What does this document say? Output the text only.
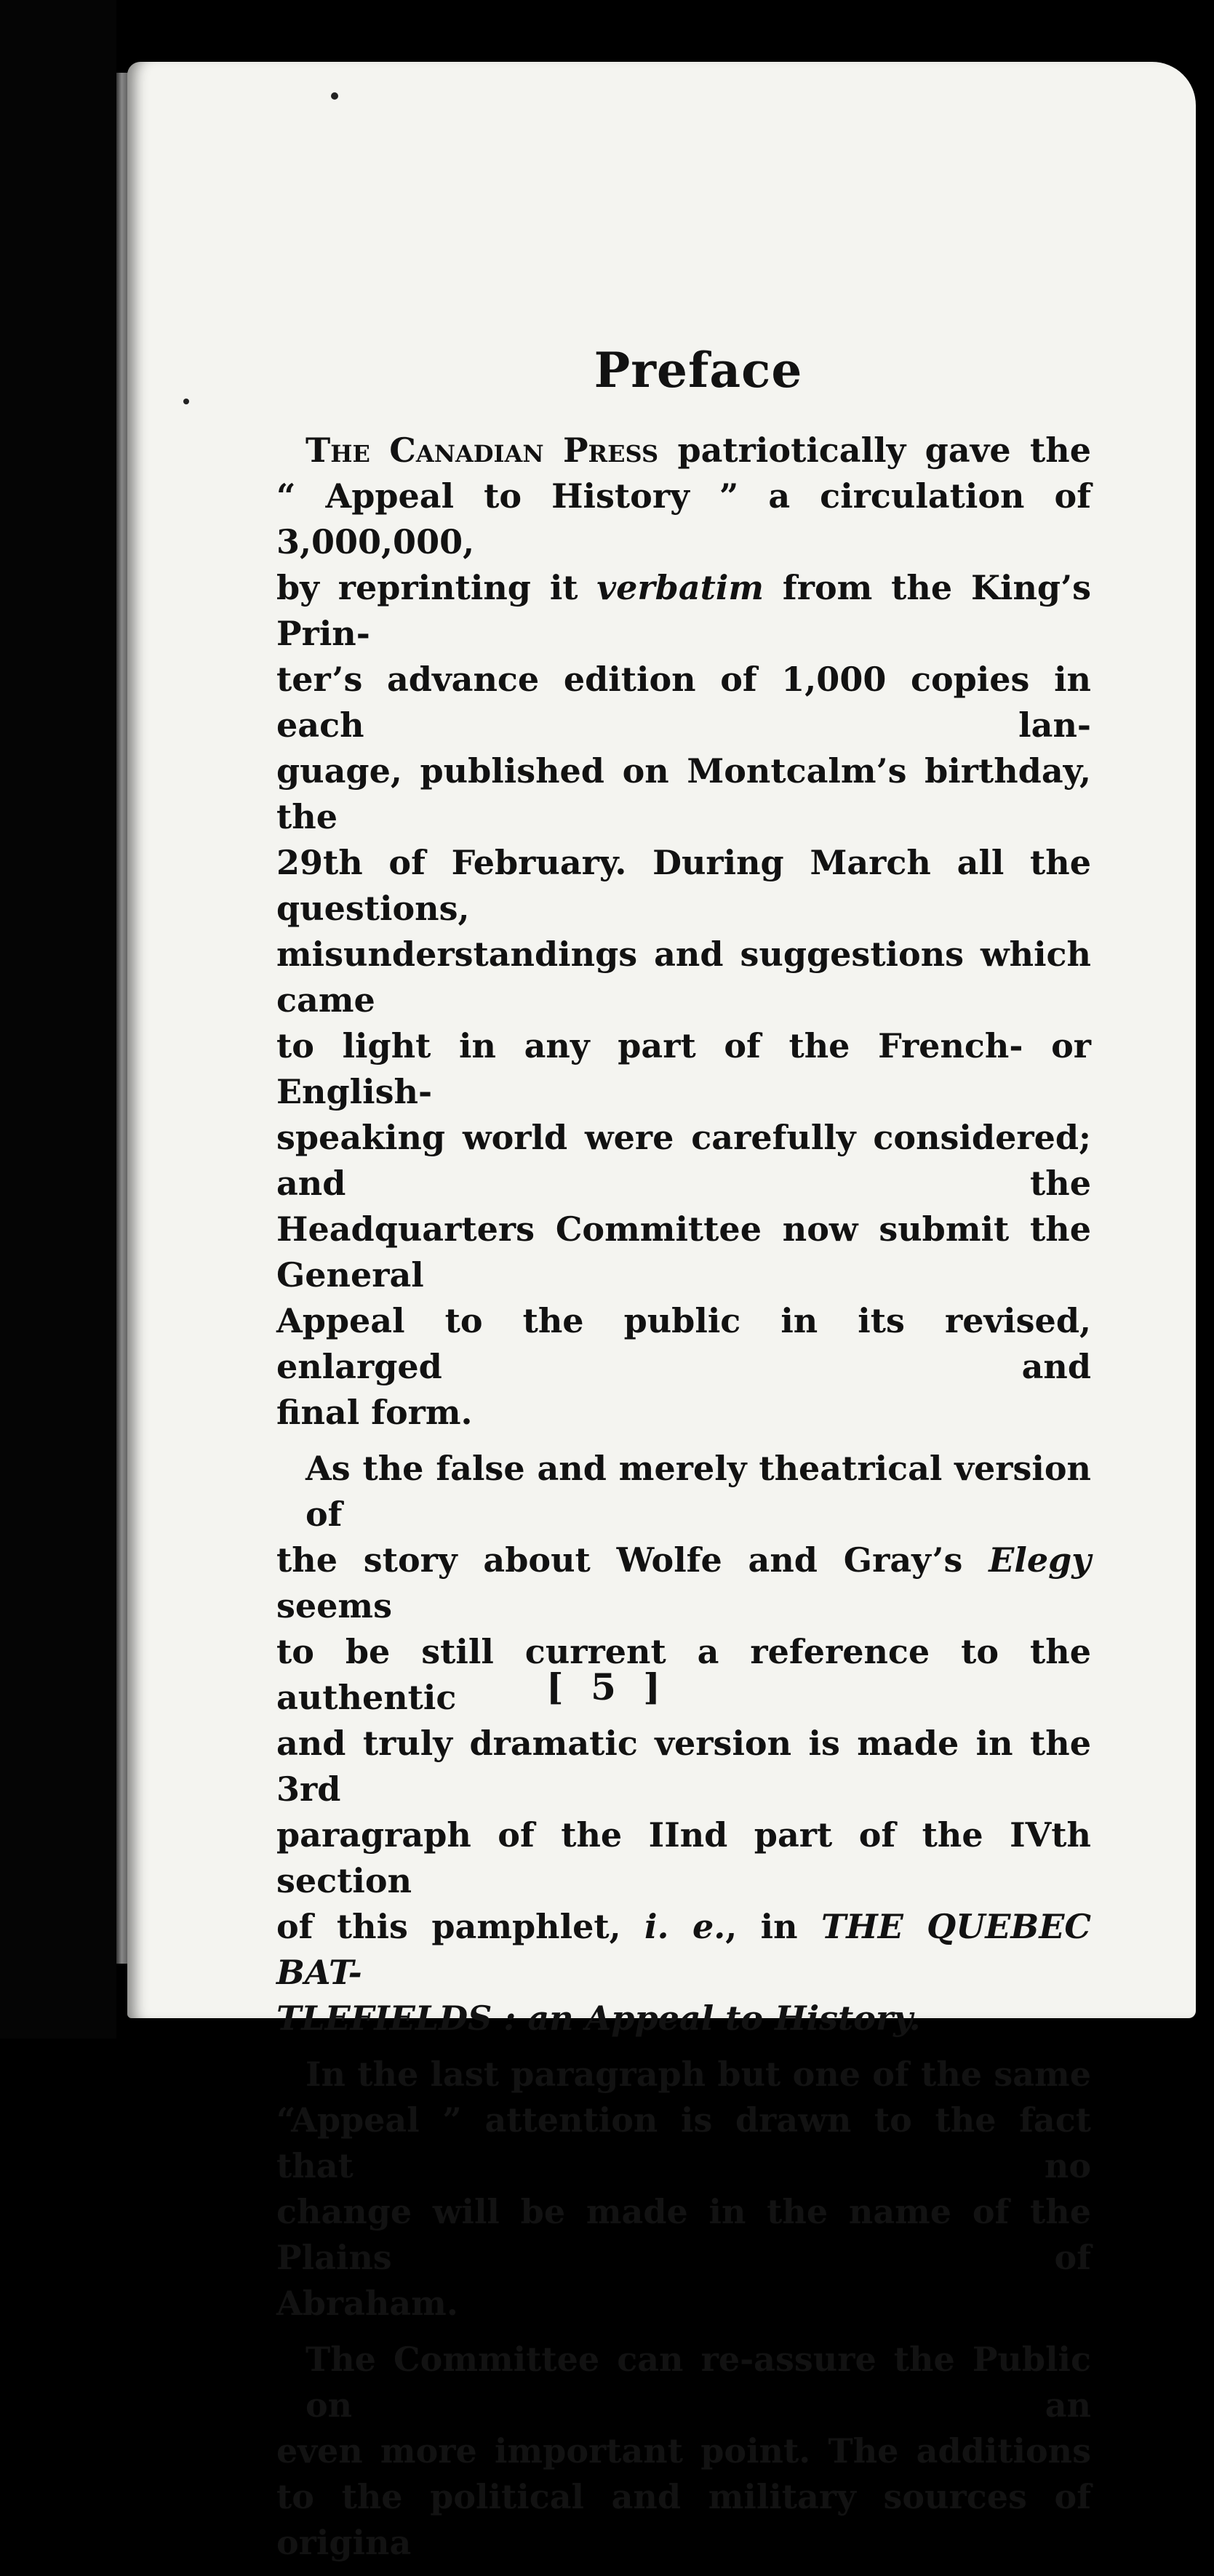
Preface

The Canadian Press patriotically gave the
“ Appeal to History ” a circulation of 3,000,000,
by reprinting it verbatim from the King’s Prin-
ter’s advance edition of 1,000 copies in each lan-
guage, published on Montcalm’s birthday, the
29th of February. During March all the questions,
misunderstandings and suggestions which came
to light in any part of the French- or English-
speaking world were carefully considered; and the
Headquarters Committee now submit the General
Appeal to the public in its revised, enlarged and
final form.

As the false and merely theatrical version of
the story about Wolfe and Gray’s Elegy seems
to be still current a reference to the authentic
and truly dramatic version is made in the 3rd
paragraph of the IInd part of the IVth section
of this pamphlet, i. e., in THE QUEBEC BAT-
TLEFIELDS : an Appeal to History.

In the last paragraph but one of the same
“Appeal ” attention is drawn to the fact that no
change will be made in the name of the Plains of
Abraham.

The Committee can re-assure the Public on an
even more important point. The additions
to the political and military sources of origina

[ 5 ]
